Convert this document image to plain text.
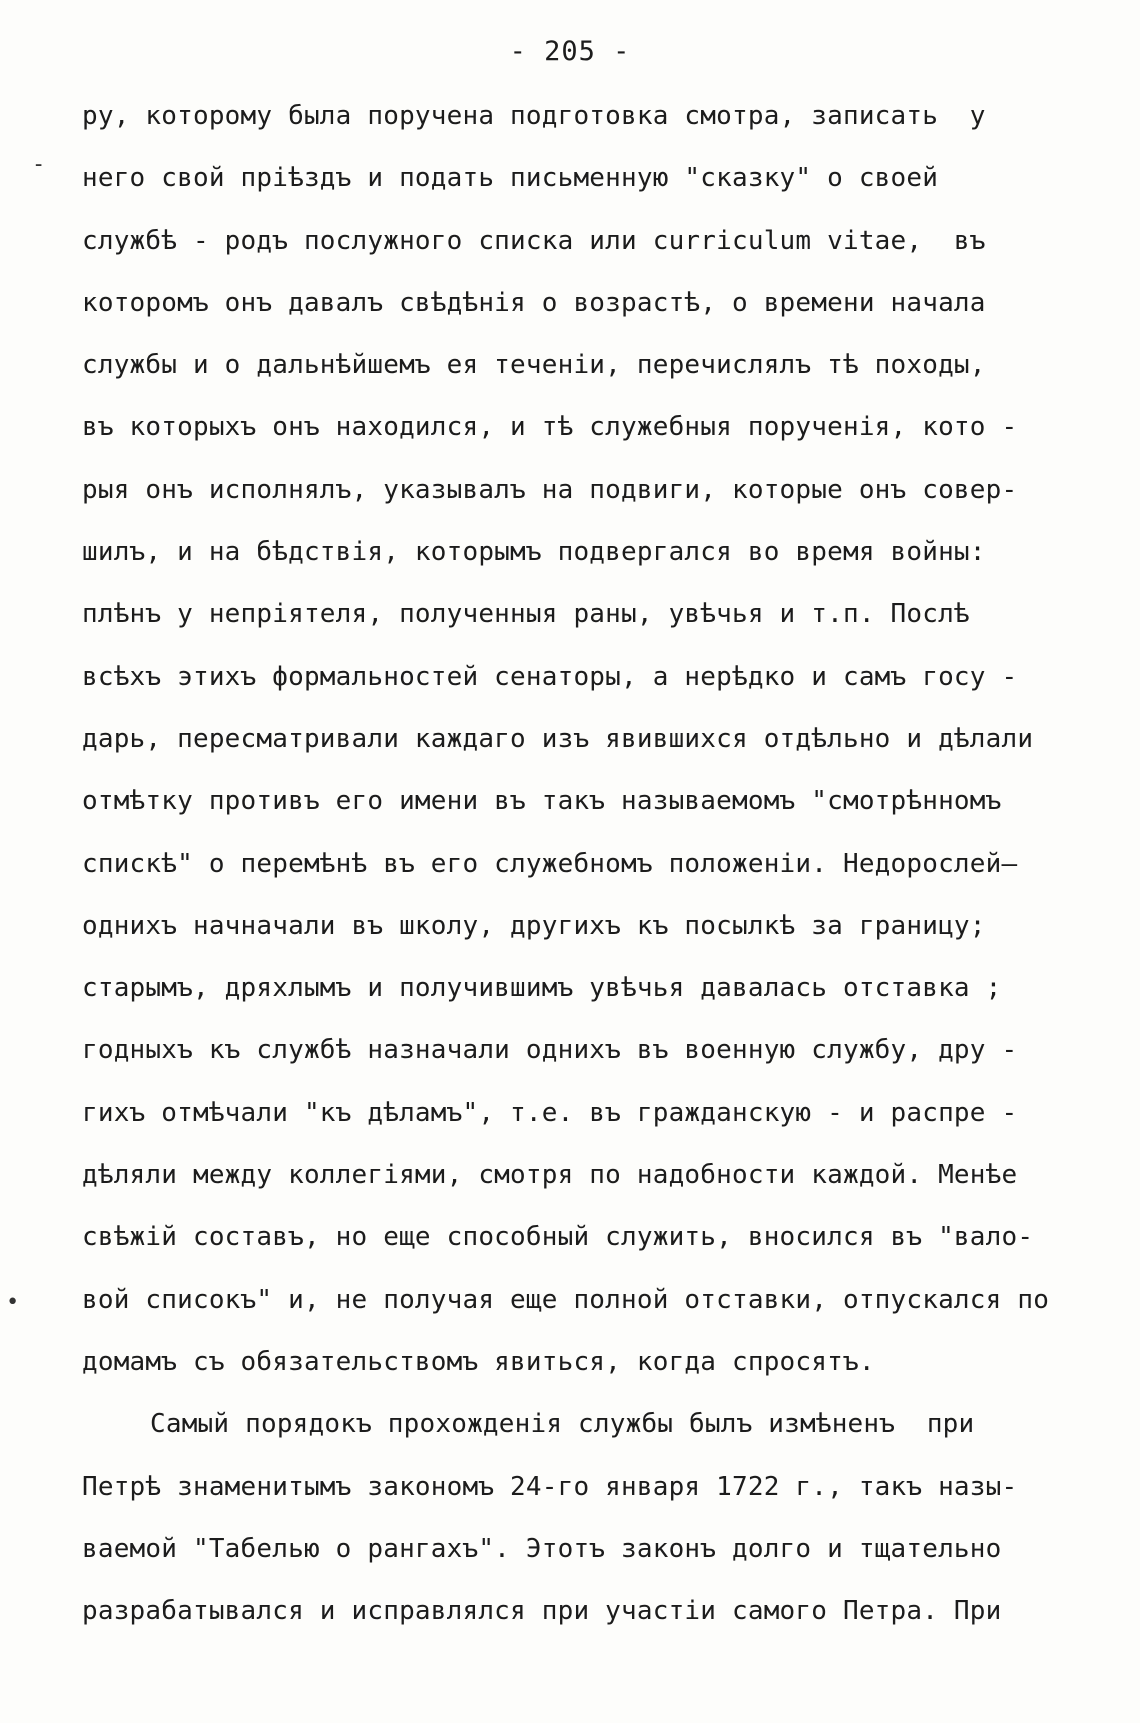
- 205 -
-
•
ру, которому была поручена подготовка смотра, записать  у
него свой прiѣздъ и подать письменную "сказку" о своей
службѣ - родъ послужного списка или curriculum vitae,  въ
которомъ онъ давалъ свѣдѣнiя о возрастѣ, о времени начала
службы и о дальнѣйшемъ ея теченiи, перечислялъ тѣ походы,
въ которыхъ онъ находился, и тѣ служебныя порученiя, кото -
рыя онъ исполнялъ, указывалъ на подвиги, которые онъ совер-
шилъ, и на бѣдствiя, которымъ подвергался во время войны:
плѣнъ у непрiятеля, полученныя раны, увѣчья и т.п. Послѣ
всѣхъ этихъ формальностей сенаторы, а нерѣдко и самъ госу -
дарь, пересматривали каждаго изъ явившихся отдѣльно и дѣлали
отмѣтку противъ его имени въ такъ называемомъ "смотрѣнномъ
спискѣ" о перемѣнѣ въ его служебномъ положенiи. Недорослей—
однихъ начначали въ школу, другихъ къ посылкѣ за границу;
старымъ, дряхлымъ и получившимъ увѣчья давалась отставка ;
годныхъ къ службѣ назначали однихъ въ военную службу, дру -
гихъ отмѣчали "къ дѣламъ", т.е. въ гражданскую - и распре -
дѣляли между коллегiями, смотря по надобности каждой. Менѣе
свѣжiй составъ, но еще способный служить, вносился въ "вало-
вой списокъ" и, не получая еще полной отставки, отпускался по
домамъ съ обязательствомъ явиться, когда спросятъ.
Самый порядокъ прохожденiя службы былъ измѣненъ  при
Петрѣ знаменитымъ закономъ 24-го января 1722 г., такъ назы-
ваемой "Табелью о рангахъ". Этотъ законъ долго и тщательно
разрабатывался и исправлялся при участiи самого Петра. При
